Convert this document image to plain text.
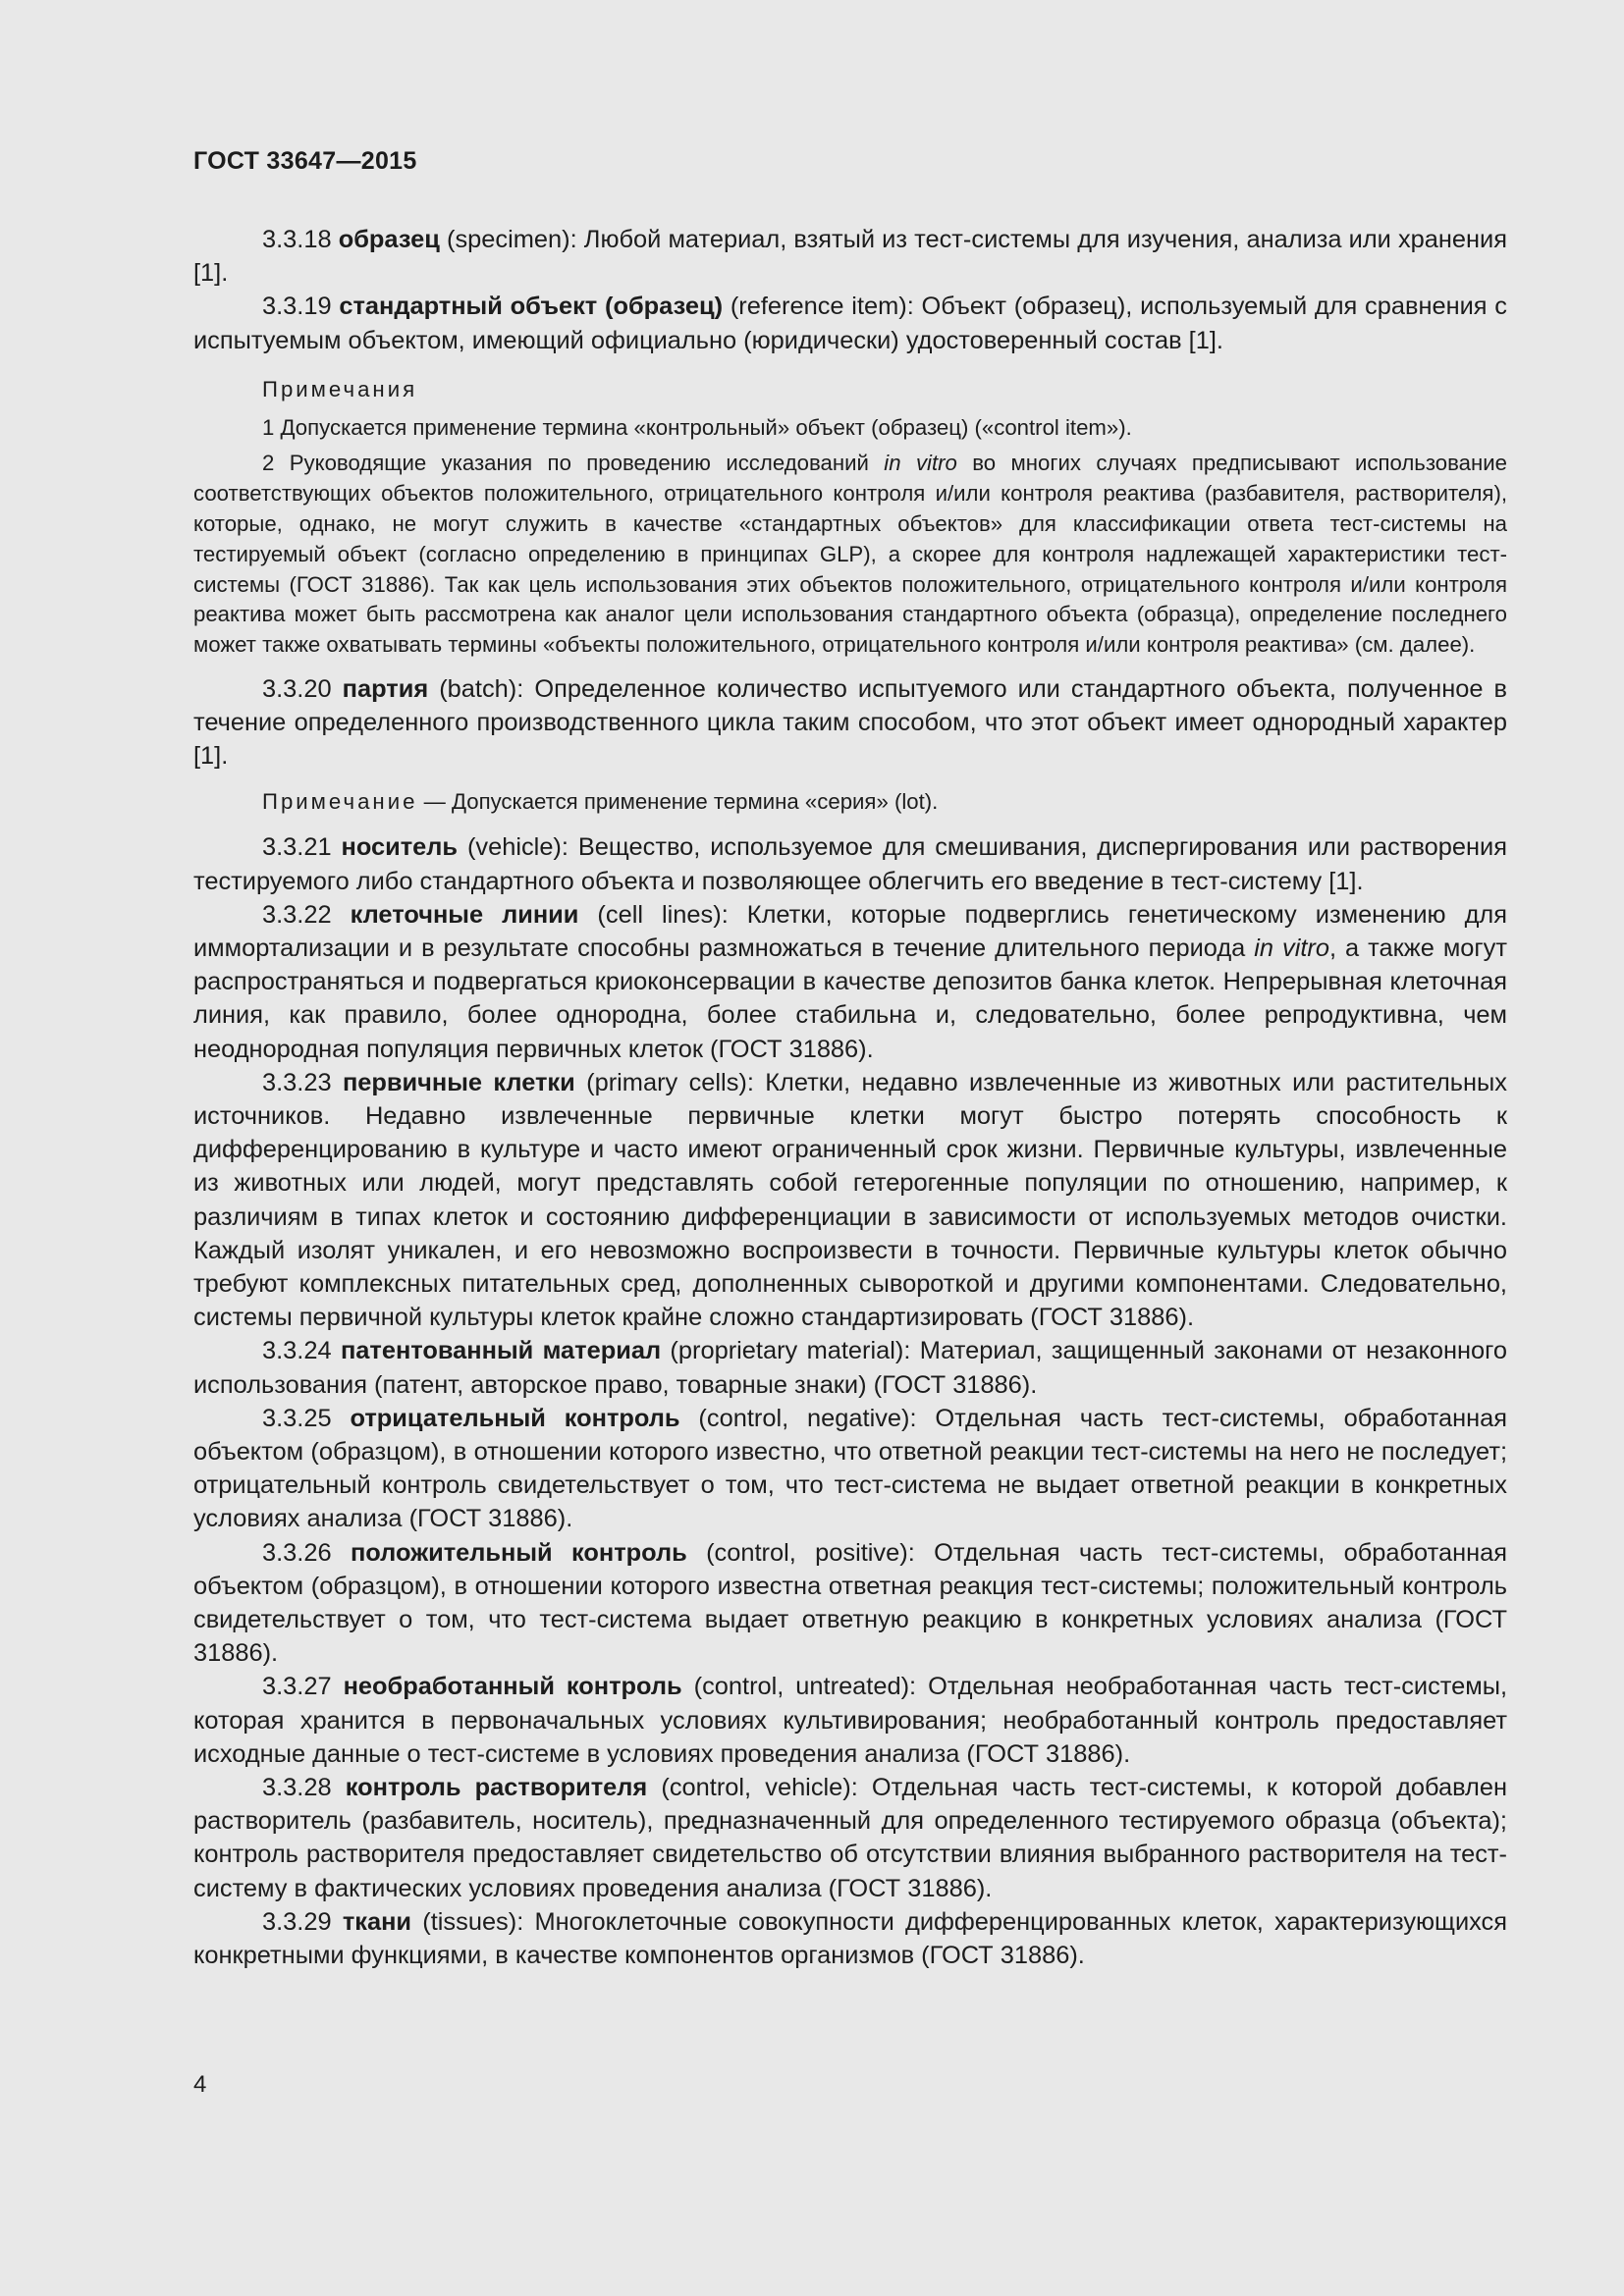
ГОСТ 33647—2015

3.3.18 образец (specimen): Любой материал, взятый из тест-системы для изучения, анализа или хранения [1].

3.3.19 стандартный объект (образец) (reference item): Объект (образец), используемый для сравнения с испытуемым объектом, имеющий официально (юридически) удостоверенный состав [1].

Примечания

1 Допускается применение термина «контрольный» объект (образец) («control item»).

2 Руководящие указания по проведению исследований in vitro во многих случаях предписывают использование соответствующих объектов положительного, отрицательного контроля и/или контроля реактива (разбавителя, растворителя), которые, однако, не могут служить в качестве «стандартных объектов» для классификации ответа тест-системы на тестируемый объект (согласно определению в принципах GLP), а скорее для контроля надлежащей характеристики тест-системы (ГОСТ 31886). Так как цель использования этих объектов положительного, отрицательного контроля и/или контроля реактива может быть рассмотрена как аналог цели использования стандартного объекта (образца), определение последнего может также охватывать термины «объекты положительного, отрицательного контроля и/или контроля реактива» (см. далее).

3.3.20 партия (batch): Определенное количество испытуемого или стандартного объекта, полученное в течение определенного производственного цикла таким способом, что этот объект имеет однородный характер [1].

Примечание — Допускается применение термина «серия» (lot).

3.3.21 носитель (vehicle): Вещество, используемое для смешивания, диспергирования или растворения тестируемого либо стандартного объекта и позволяющее облегчить его введение в тест-систему [1].

3.3.22 клеточные линии (cell lines): Клетки, которые подверглись генетическому изменению для иммортализации и в результате способны размножаться в течение длительного периода in vitro, а также могут распространяться и подвергаться криоконсервации в качестве депозитов банка клеток. Непрерывная клеточная линия, как правило, более однородна, более стабильна и, следовательно, более репродуктивна, чем неоднородная популяция первичных клеток (ГОСТ 31886).

3.3.23 первичные клетки (primary cells): Клетки, недавно извлеченные из животных или растительных источников. Недавно извлеченные первичные клетки могут быстро потерять способность к дифференцированию в культуре и часто имеют ограниченный срок жизни. Первичные культуры, извлеченные из животных или людей, могут представлять собой гетерогенные популяции по отношению, например, к различиям в типах клеток и состоянию дифференциации в зависимости от используемых методов очистки. Каждый изолят уникален, и его невозможно воспроизвести в точности. Первичные культуры клеток обычно требуют комплексных питательных сред, дополненных сывороткой и другими компонентами. Следовательно, системы первичной культуры клеток крайне сложно стандартизировать (ГОСТ 31886).

3.3.24 патентованный материал (proprietary material): Материал, защищенный законами от незаконного использования (патент, авторское право, товарные знаки) (ГОСТ 31886).

3.3.25 отрицательный контроль (control, negative): Отдельная часть тест-системы, обработанная объектом (образцом), в отношении которого известно, что ответной реакции тест-системы на него не последует; отрицательный контроль свидетельствует о том, что тест-система не выдает ответной реакции в конкретных условиях анализа (ГОСТ 31886).

3.3.26 положительный контроль (control, positive): Отдельная часть тест-системы, обработанная объектом (образцом), в отношении которого известна ответная реакция тест-системы; положительный контроль свидетельствует о том, что тест-система выдает ответную реакцию в конкретных условиях анализа (ГОСТ 31886).

3.3.27 необработанный контроль (control, untreated): Отдельная необработанная часть тест-системы, которая хранится в первоначальных условиях культивирования; необработанный контроль предоставляет исходные данные о тест-системе в условиях проведения анализа (ГОСТ 31886).

3.3.28 контроль растворителя (control, vehicle): Отдельная часть тест-системы, к которой добавлен растворитель (разбавитель, носитель), предназначенный для определенного тестируемого образца (объекта); контроль растворителя предоставляет свидетельство об отсутствии влияния выбранного растворителя на тест-систему в фактических условиях проведения анализа (ГОСТ 31886).

3.3.29 ткани (tissues): Многоклеточные совокупности дифференцированных клеток, характеризующихся конкретными функциями, в качестве компонентов организмов (ГОСТ 31886).

4
